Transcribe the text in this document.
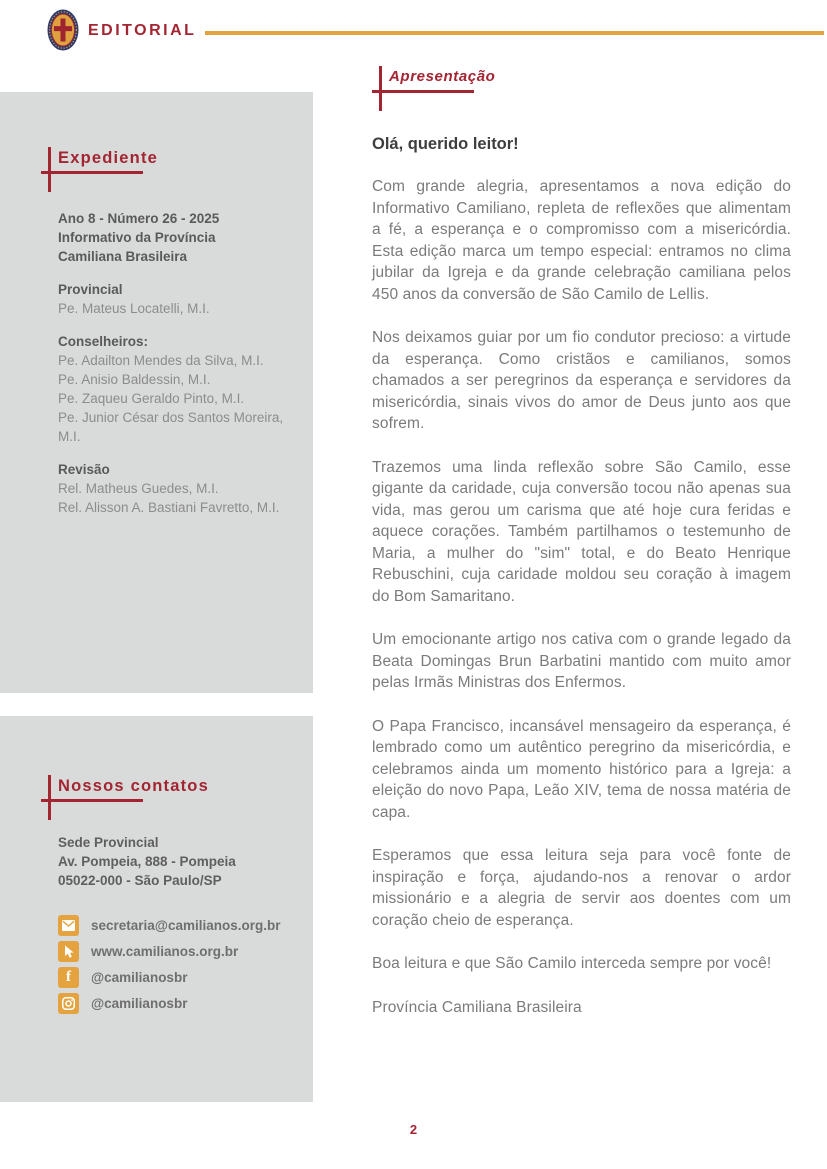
EDITORIAL
Expediente
Ano 8 - Número 26 - 2025
Informativo da Província
Camiliana Brasileira
Provincial
Pe. Mateus Locatelli, M.I.
Conselheiros:
Pe. Adailton Mendes da Silva, M.I.
Pe. Anisio Baldessin, M.I.
Pe. Zaqueu Geraldo Pinto, M.I.
Pe. Junior César dos Santos Moreira, M.I.
Revisão
Rel. Matheus Guedes, M.I.
Rel. Alisson A. Bastiani Favretto, M.I.
Nossos contatos
Sede Provincial
Av. Pompeia, 888 - Pompeia
05022-000 - São Paulo/SP
secretaria@camilianos.org.br
www.camilianos.org.br
f @camilianosbr
@camilianosbr
Apresentação
Olá, querido leitor!

Com grande alegria, apresentamos a nova edição do Informativo Camiliano, repleta de reflexões que alimentam a fé, a esperança e o compromisso com a misericórdia. Esta edição marca um tempo especial: entramos no clima jubilar da Igreja e da grande celebração camiliana pelos 450 anos da conversão de São Camilo de Lellis.

Nos deixamos guiar por um fio condutor precioso: a virtude da esperança. Como cristãos e camilianos, somos chamados a ser peregrinos da esperança e servidores da misericórdia, sinais vivos do amor de Deus junto aos que sofrem.

Trazemos uma linda reflexão sobre São Camilo, esse gigante da caridade, cuja conversão tocou não apenas sua vida, mas gerou um carisma que até hoje cura feridas e aquece corações. Também partilhamos o testemunho de Maria, a mulher do "sim" total, e do Beato Henrique Rebuschini, cuja caridade moldou seu coração à imagem do Bom Samaritano.

Um emocionante artigo nos cativa com o grande legado da Beata Domingas Brun Barbatini mantido com muito amor pelas Irmãs Ministras dos Enfermos.

O Papa Francisco, incansável mensageiro da esperança, é lembrado como um autêntico peregrino da misericórdia, e celebramos ainda um momento histórico para a Igreja: a eleição do novo Papa, Leão XIV, tema de nossa matéria de capa.

Esperamos que essa leitura seja para você fonte de inspiração e força, ajudando-nos a renovar o ardor missionário e a alegria de servir aos doentes com um coração cheio de esperança.

Boa leitura e que São Camilo interceda sempre por você!

Província Camiliana Brasileira

2
